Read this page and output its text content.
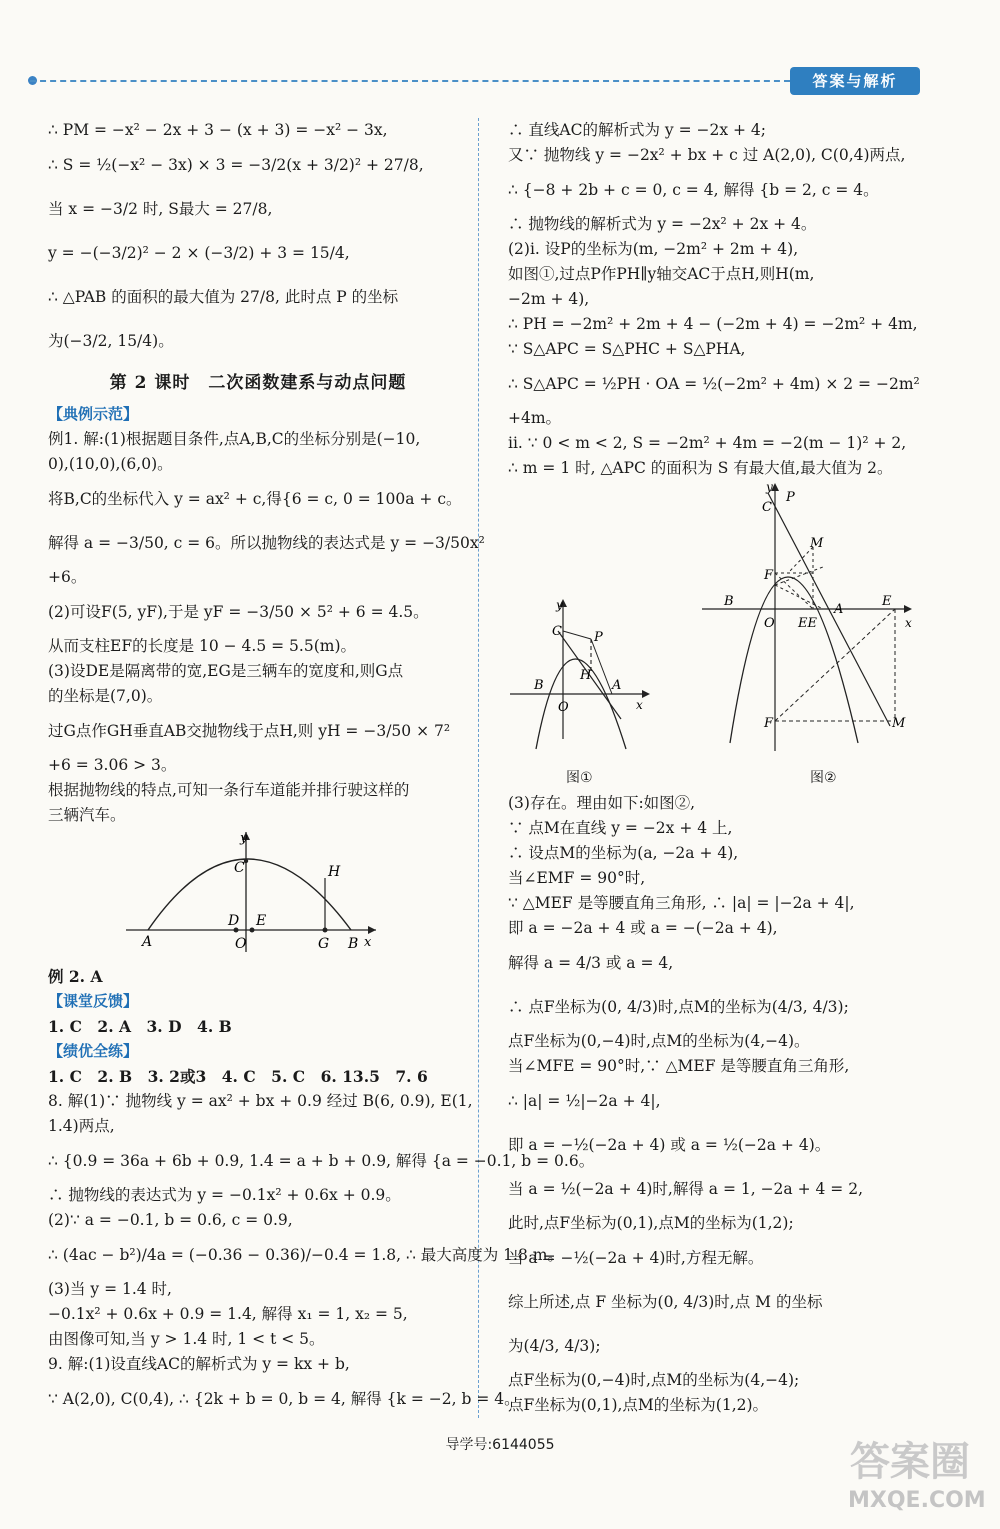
答案与解析
∴ PM = −x² − 2x + 3 − (x + 3) = −x² − 3x,
∴ S = ½(−x² − 3x) × 3 = −3/2(x + 3/2)² + 27/8,
当 x = −3/2 时, S最大 = 27/8,
y = −(−3/2)² − 2 × (−3/2) + 3 = 15/4,
∴ △PAB 的面积的最大值为 27/8, 此时点 P 的坐标
为(−3/2, 15/4)。
第 2 课时　二次函数建系与动点问题
【典例示范】
例1. 解:(1)根据题目条件,点A,B,C的坐标分别是(−10,
0),(10,0),(6,0)。
将B,C的坐标代入 y = ax² + c,得{6 = c, 0 = 100a + c。
解得 a = −3/50, c = 6。所以抛物线的表达式是 y = −3/50x²
+6。
(2)可设F(5, yF),于是 yF = −3/50 × 5² + 6 = 4.5。
从而支柱EF的长度是 10 − 4.5 = 5.5(m)。
(3)设DE是隔离带的宽,EG是三辆车的宽度和,则G点
的坐标是(7,0)。
过G点作GH垂直AB交抛物线于点H,则 yH = −3/50 × 7²
+6 = 3.06 > 3。
根据抛物线的特点,可知一条行车道能并排行驶这样的
三辆汽车。
y
x
A	O
D E
G B
C	H
例 2. A
【课堂反馈】
1. C　2. A　3. D　4. B
【绩优全练】
1. C　2. B　3. 2或3　4. C　5. C　6. 13.5　7. 6
8. 解(1)∵ 抛物线 y = ax² + bx + 0.9 经过 B(6, 0.9), E(1,
1.4)两点,
∴ {0.9 = 36a + 6b + 0.9, 1.4 = a + b + 0.9, 解得 {a = −0.1, b = 0.6。
∴ 抛物线的表达式为 y = −0.1x² + 0.6x + 0.9。
(2)∵ a = −0.1, b = 0.6, c = 0.9,
∴ (4ac − b²)/4a = (−0.36 − 0.36)/−0.4 = 1.8, ∴ 最大高度为 1.8 m。
(3)当 y = 1.4 时,
−0.1x² + 0.6x + 0.9 = 1.4, 解得 x₁ = 1, x₂ = 5,
由图像可知,当 y > 1.4 时, 1 < t < 5。
9. 解:(1)设直线AC的解析式为 y = kx + b,
∵ A(2,0), C(0,4), ∴ {2k + b = 0, b = 4, 解得 {k = −2, b = 4。
∴ 直线AC的解析式为 y = −2x + 4;
又∵ 抛物线 y = −2x² + bx + c 过 A(2,0), C(0,4)两点,
∴ {−8 + 2b + c = 0, c = 4, 解得 {b = 2, c = 4。
∴ 抛物线的解析式为 y = −2x² + 2x + 4。
(2)i. 设P的坐标为(m, −2m² + 2m + 4),
如图①,过点P作PH∥y轴交AC于点H,则H(m,
−2m + 4),
∴ PH = −2m² + 2m + 4 − (−2m + 4) = −2m² + 4m,
∵ S△APC = S△PHC + S△PHA,
∴ S△APC = ½PH · OA = ½(−2m² + 4m) × 2 = −2m²
+4m。
ii. ∵ 0 < m < 2, S = −2m² + 4m = −2(m − 1)² + 2,
∴ m = 1 时, △APC 的面积为 S 有最大值,最大值为 2。
y
x
C P
H
B
O
A
y
x
C
P
M
F
B
O EE
A
E
F	M
图①	图②
(3)存在。理由如下:如图②,
∵ 点M在直线 y = −2x + 4 上,
∴ 设点M的坐标为(a, −2a + 4),
当∠EMF = 90°时,
∵ △MEF 是等腰直角三角形, ∴ |a| = |−2a + 4|,
即 a = −2a + 4 或 a = −(−2a + 4),
解得 a = 4/3 或 a = 4,
∴ 点F坐标为(0, 4/3)时,点M的坐标为(4/3, 4/3);
点F坐标为(0,−4)时,点M的坐标为(4,−4)。
当∠MFE = 90°时,∵ △MEF 是等腰直角三角形,
∴ |a| = ½|−2a + 4|,
即 a = −½(−2a + 4) 或 a = ½(−2a + 4)。
当 a = ½(−2a + 4)时,解得 a = 1, −2a + 4 = 2,
此时,点F坐标为(0,1),点M的坐标为(1,2);
当 a = −½(−2a + 4)时,方程无解。
综上所述,点 F 坐标为(0, 4/3)时,点 M 的坐标
为(4/3, 4/3);
点F坐标为(0,−4)时,点M的坐标为(4,−4);
点F坐标为(0,1),点M的坐标为(1,2)。
导学号:6144055	答案圈
MXQE.COM
